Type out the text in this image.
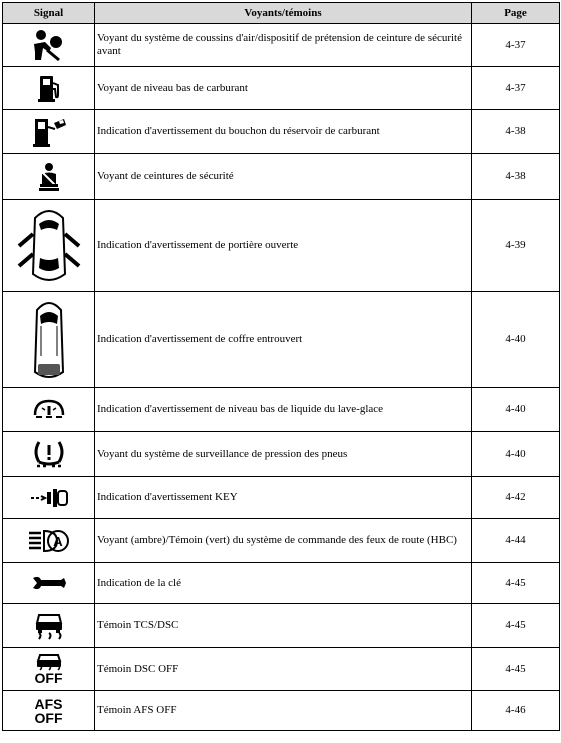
Signal	Voyants/témoins	Page

	Voyant du système de coussins d'air/dispositif de prétension de ceinture de sécurité avant	4-37

	Voyant de niveau bas de carburant	4-37

	Indication d'avertissement du bouchon du réservoir de carburant	4-38

	Voyant de ceintures de sécurité	4-38

	Indication d'avertissement de portière ouverte	4-39

	Indication d'avertissement de coffre entrouvert	4-40

	Indication d'avertissement de niveau bas de liquide du lave-glace	4-40

	Voyant du système de surveillance de pression des pneus	4-40

	Indication d'avertissement KEY	4-42

A	Voyant (ambre)/Témoin (vert) du système de commande des feux de route (HBC)	4-44

	Indication de la clé	4-45

	Témoin TCS/DSC	4-45

OFF	Témoin DSC OFF	4-45

AFS
OFF	Témoin AFS OFF	4-46
